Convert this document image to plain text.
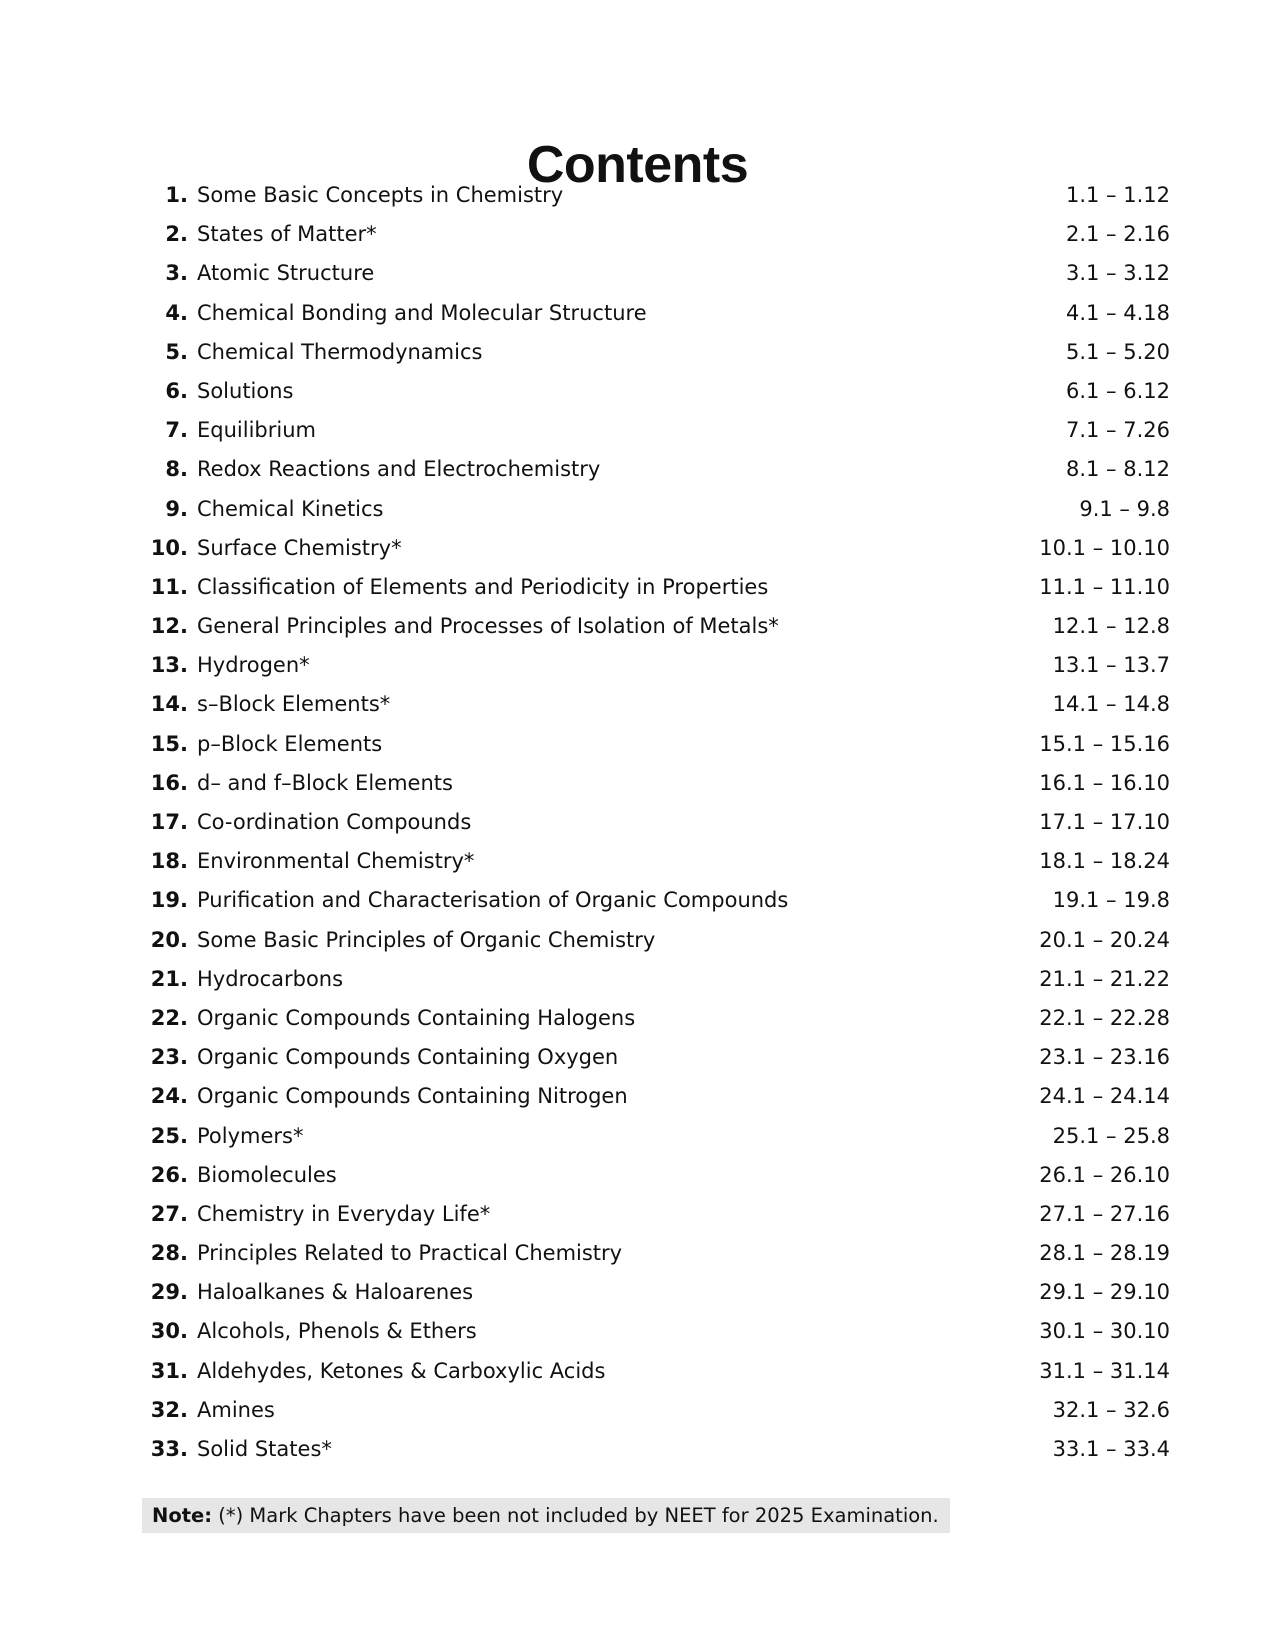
Contents
1. Some Basic Concepts in Chemistry	1.1 – 1.12
2. States of Matter*	2.1 – 2.16
3. Atomic Structure	3.1 – 3.12
4. Chemical Bonding and Molecular Structure	4.1 – 4.18
5. Chemical Thermodynamics	5.1 – 5.20
6. Solutions	6.1 – 6.12
7. Equilibrium	7.1 – 7.26
8. Redox Reactions and Electrochemistry	8.1 – 8.12
9. Chemical Kinetics	9.1 – 9.8
10. Surface Chemistry*	10.1 – 10.10
11. Classification of Elements and Periodicity in Properties	11.1 – 11.10
12. General Principles and Processes of Isolation of Metals*	12.1 – 12.8
13. Hydrogen*	13.1 – 13.7
14. s–Block Elements*	14.1 – 14.8
15. p–Block Elements	15.1 – 15.16
16. d– and f–Block Elements	16.1 – 16.10
17. Co-ordination Compounds	17.1 – 17.10
18. Environmental Chemistry*	18.1 – 18.24
19. Purification and Characterisation of Organic Compounds	19.1 – 19.8
20. Some Basic Principles of Organic Chemistry	20.1 – 20.24
21. Hydrocarbons	21.1 – 21.22
22. Organic Compounds Containing Halogens	22.1 – 22.28
23. Organic Compounds Containing Oxygen	23.1 – 23.16
24. Organic Compounds Containing Nitrogen	24.1 – 24.14
25. Polymers*	25.1 – 25.8
26. Biomolecules	26.1 – 26.10
27. Chemistry in Everyday Life*	27.1 – 27.16
28. Principles Related to Practical Chemistry	28.1 – 28.19
29. Haloalkanes & Haloarenes	29.1 – 29.10
30. Alcohols, Phenols & Ethers	30.1 – 30.10
31. Aldehydes, Ketones & Carboxylic Acids	31.1 – 31.14
32. Amines	32.1 – 32.6
33. Solid States*	33.1 – 33.4
Note: (*) Mark Chapters have been not included by NEET for 2025 Examination.
